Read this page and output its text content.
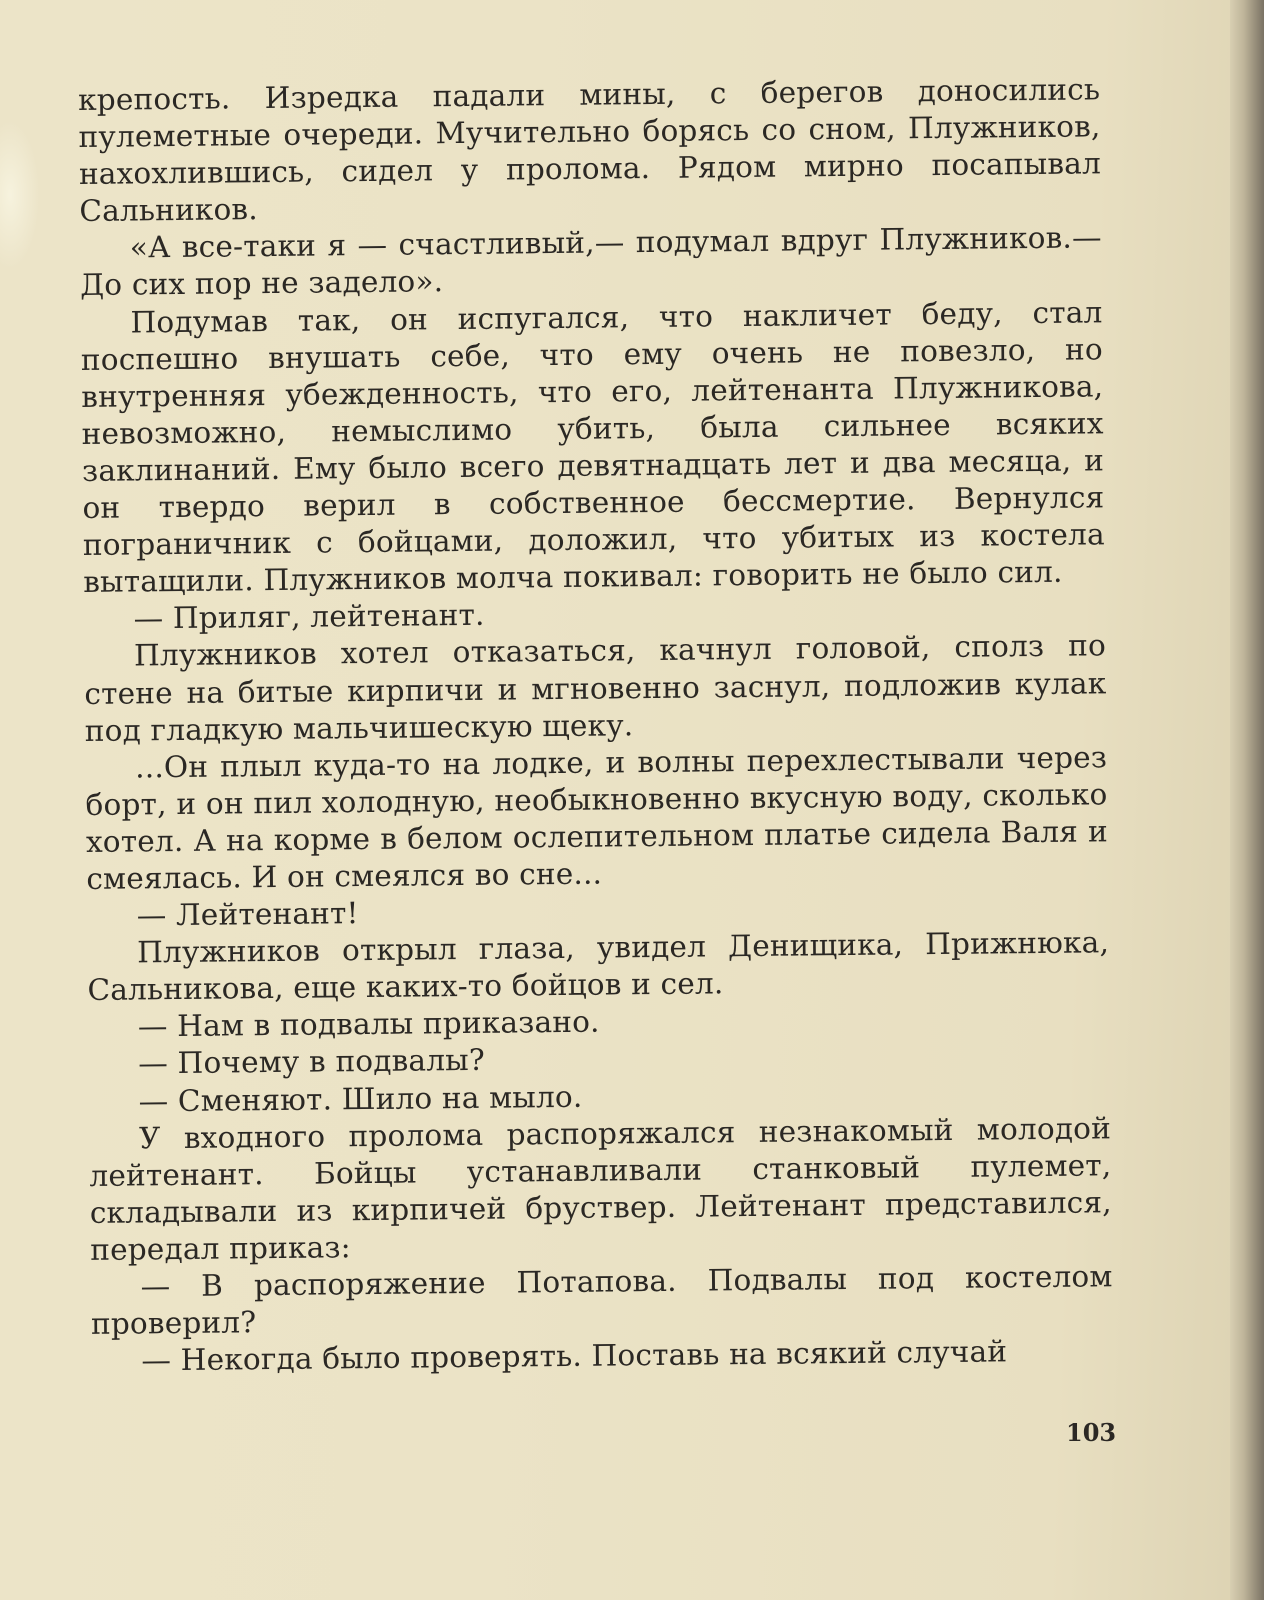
крепость. Изредка падали мины, с берегов доносились пулеметные очереди. Мучительно борясь со сном, Плужников, нахохлившись, сидел у пролома. Рядом мирно посапывал Сальников.

«А все-таки я — счастливый,— подумал вдруг Плужников.— До сих пор не задело».

Подумав так, он испугался, что накличет беду, стал поспешно внушать себе, что ему очень не повезло, но внутренняя убежденность, что его, лейтенанта Плужникова, невозможно, немыслимо убить, была сильнее всяких заклинаний. Ему было всего девятнадцать лет и два месяца, и он твердо верил в собственное бессмертие. Вернулся пограничник с бойцами, доложил, что убитых из костела вытащили. Плужников молча покивал: говорить не было сил.

— Приляг, лейтенант.

Плужников хотел отказаться, качнул головой, сполз по стене на битые кирпичи и мгновенно заснул, подложив кулак под гладкую мальчишескую щеку.

...Он плыл куда-то на лодке, и волны перехлестывали через борт, и он пил холодную, необыкновенно вкусную воду, сколько хотел. А на корме в белом ослепительном платье сидела Валя и смеялась. И он смеялся во сне...

— Лейтенант!

Плужников открыл глаза, увидел Денищика, Прижнюка, Сальникова, еще каких-то бойцов и сел.

— Нам в подвалы приказано.

— Почему в подвалы?

— Сменяют. Шило на мыло.

У входного пролома распоряжался незнакомый молодой лейтенант. Бойцы устанавливали станковый пулемет, складывали из кирпичей бруствер. Лейтенант представился, передал приказ:

— В распоряжение Потапова. Подвалы под костелом проверил?

— Некогда было проверять. Поставь на всякий случай

103
